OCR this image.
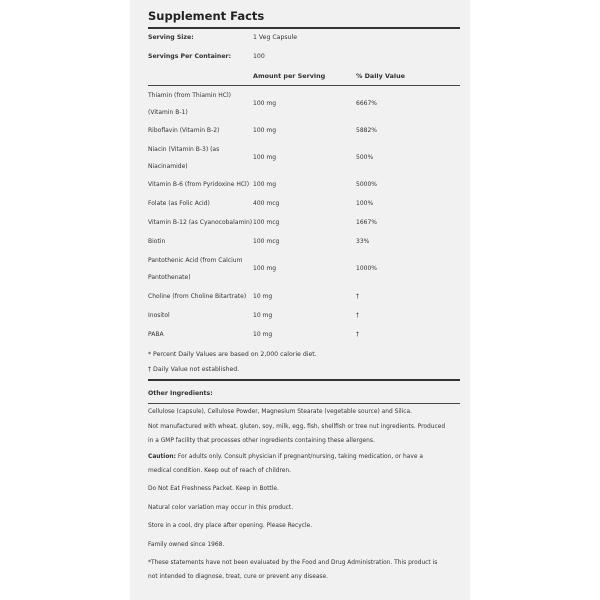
Supplement Facts
Serving Size:	1 Veg Capsule
Servings Per Container:	100
Amount per Serving	% Daily Value
Thiamin (from Thiamin HCl) (Vitamin B-1)
100 mg	6667%
Riboflavin (Vitamin B-2)	100 mg	5882%
Niacin (Vitamin B-3) (as Niacinamide)
100 mg	500%
Vitamin B-6 (from Pyridoxine HCl) 100 mg	5000%
Folate (as Folic Acid)	400 mcg	100%
Vitamin B-12 (as Cyanocobalamin) 100 mcg	1667%
Biotin	100 mcg	33%
Pantothenic Acid (from Calcium Pantothenate)
100 mg	1000%
Choline (from Choline Bitartrate)	10 mg	†
Inositol	10 mg	†
PABA	10 mg	†
* Percent Daily Values are based on 2,000 calorie diet.
† Daily Value not established.
Other Ingredients:
Cellulose (capsule), Cellulose Powder, Magnesium Stearate (vegetable source) and Silica.
Not manufactured with wheat, gluten, soy, milk, egg, fish, shellfish or tree nut ingredients. Produced in a GMP facility that processes other ingredients containing these allergens.
Caution: For adults only. Consult physician if pregnant/nursing, taking medication, or have a medical condition. Keep out of reach of children.
Do Not Eat Freshness Packet. Keep in Bottle.
Natural color variation may occur in this product.
Store in a cool, dry place after opening. Please Recycle.
Family owned since 1968.
*These statements have not been evaluated by the Food and Drug Administration. This product is not intended to diagnose, treat, cure or prevent any disease.
